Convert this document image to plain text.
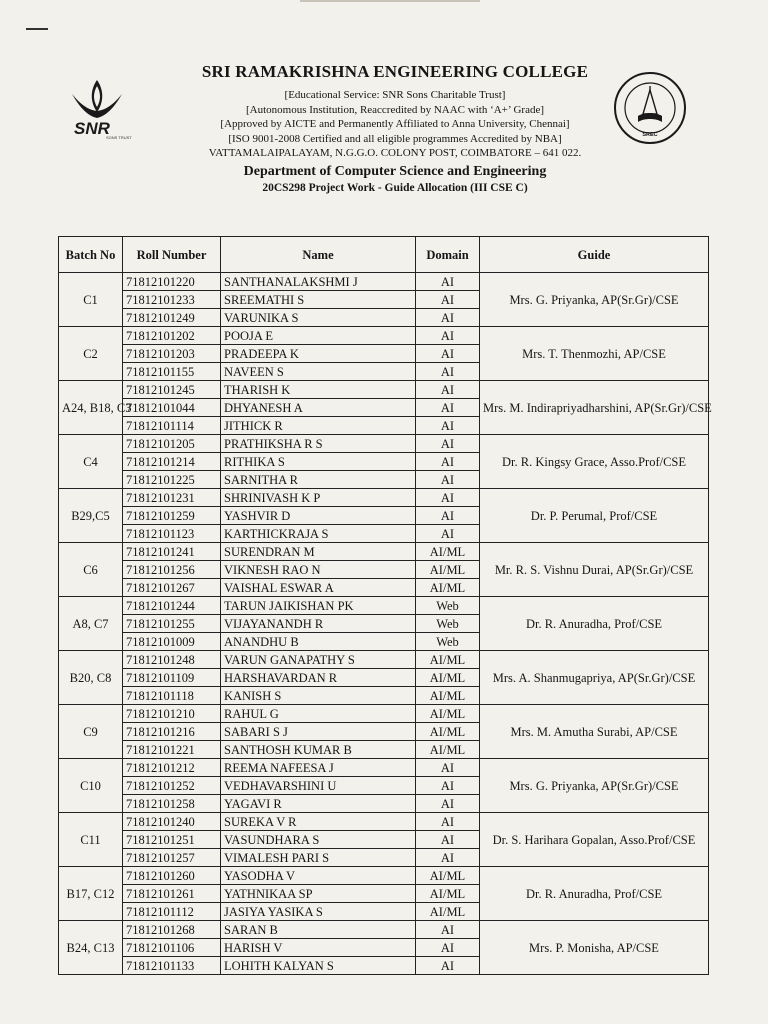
SNR
SONS TRUST	SREC
SRI RAMAKRISHNA ENGINEERING COLLEGE
[Educational Service: SNR Sons Charitable Trust]
[Autonomous Institution, Reaccredited by NAAC with ‘A+’ Grade]
[Approved by AICTE and Permanently Affiliated to Anna University, Chennai]
[ISO 9001-2008 Certified and all eligible programmes Accredited by NBA]
VATTAMALAIPALAYAM, N.G.G.O. COLONY POST, COIMBATORE – 641 022.
Department of Computer Science and Engineering
20CS298 Project Work - Guide Allocation (III CSE C)
Batch No	Roll Number	Name	Domain	Guide
C1	71812101220	SANTHANALAKSHMI J	AI	Mrs. G. Priyanka, AP(Sr.Gr)/CSE
	71812101233	SREEMATHI S	AI	
	71812101249	VARUNIKA S	AI	
C2	71812101202	POOJA E	AI	Mrs. T. Thenmozhi, AP/CSE
	71812101203	PRADEEPA K	AI	
	71812101155	NAVEEN S	AI	
A24, B18, C3	71812101245	THARISH K	AI	Mrs. M. Indirapriyadharshini, AP(Sr.Gr)/CSE
	71812101044	DHYANESH A	AI	
	71812101114	JITHICK R	AI	
C4	71812101205	PRATHIKSHA R S	AI	Dr. R. Kingsy Grace, Asso.Prof/CSE
	71812101214	RITHIKA S	AI	
	71812101225	SARNITHA R	AI	
B29,C5	71812101231	SHRINIVASH K P	AI	Dr. P. Perumal, Prof/CSE
	71812101259	YASHVIR D	AI	
	71812101123	KARTHICKRAJA S	AI	
C6	71812101241	SURENDRAN M	AI/ML	Mr. R. S. Vishnu Durai, AP(Sr.Gr)/CSE
	71812101256	VIKNESH RAO N	AI/ML	
	71812101267	VAISHAL ESWAR A	AI/ML	
A8, C7	71812101244	TARUN JAIKISHAN PK	Web	Dr. R. Anuradha, Prof/CSE
	71812101255	VIJAYANANDH R	Web	
	71812101009	ANANDHU B	Web	
B20, C8	71812101248	VARUN GANAPATHY S	AI/ML	Mrs. A. Shanmugapriya, AP(Sr.Gr)/CSE
	71812101109	HARSHAVARDAN R	AI/ML	
	71812101118	KANISH S	AI/ML	
C9	71812101210	RAHUL G	AI/ML	Mrs. M. Amutha Surabi, AP/CSE
	71812101216	SABARI S J	AI/ML	
	71812101221	SANTHOSH KUMAR B	AI/ML	
C10	71812101212	REEMA NAFEESA J	AI	Mrs. G. Priyanka, AP(Sr.Gr)/CSE
	71812101252	VEDHAVARSHINI U	AI	
	71812101258	YAGAVI R	AI	
C11	71812101240	SUREKA V R	AI	Dr. S. Harihara Gopalan, Asso.Prof/CSE
	71812101251	VASUNDHARA S	AI	
	71812101257	VIMALESH PARI S	AI	
B17, C12	71812101260	YASODHA V	AI/ML	Dr. R. Anuradha, Prof/CSE
	71812101261	YATHNIKAA SP	AI/ML	
	71812101112	JASIYA YASIKA S	AI/ML	
B24, C13	71812101268	SARAN B	AI	Mrs. P. Monisha, AP/CSE
	71812101106	HARISH V	AI	
	71812101133	LOHITH KALYAN S	AI	
